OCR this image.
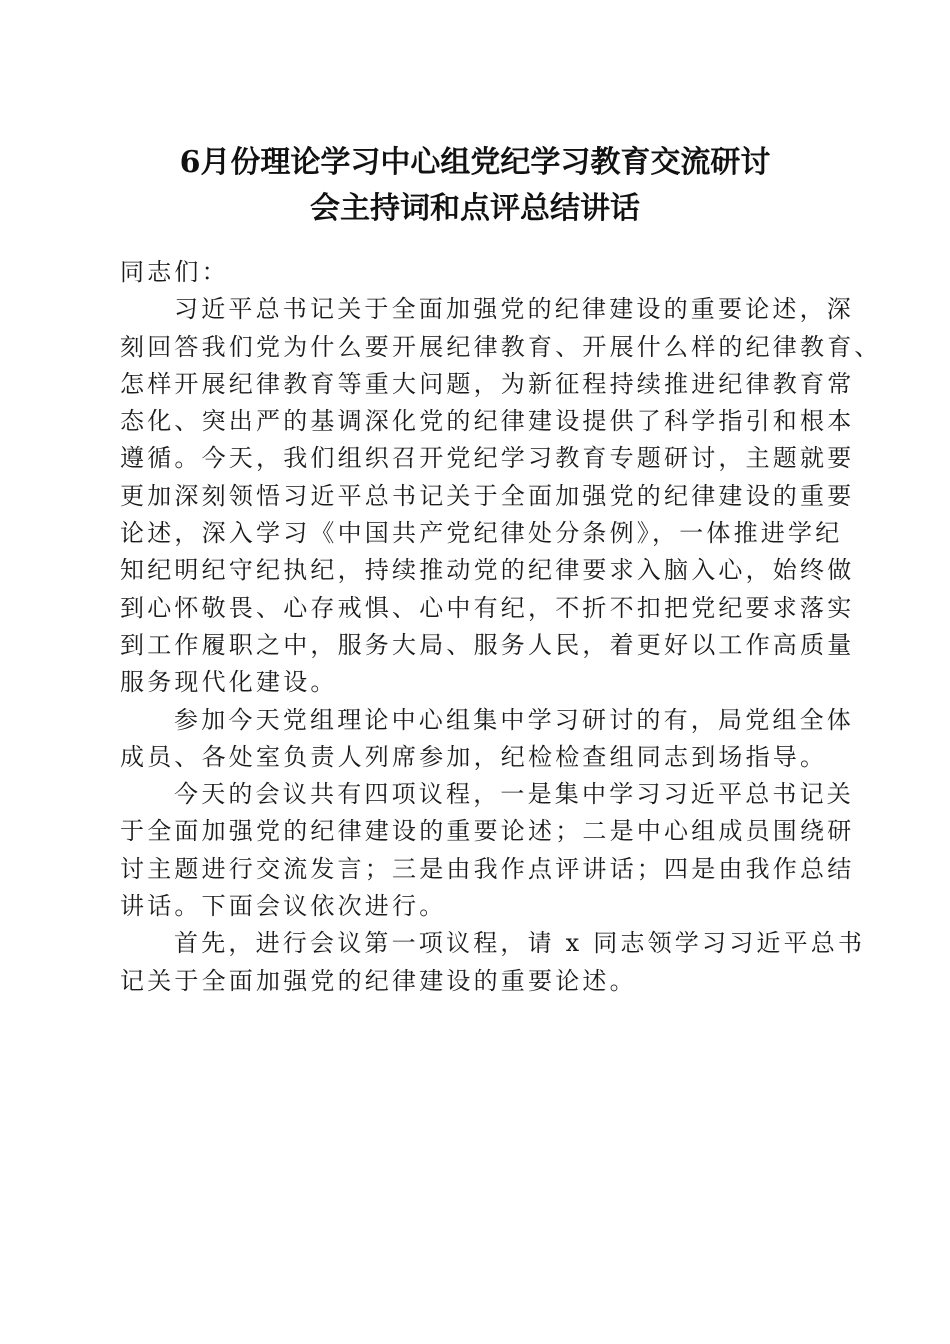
6月份理论学习中心组党纪学习教育交流研讨
会主持词和点评总结讲话
同志们：
习近平总书记关于全面加强党的纪律建设的重要论述，深
刻回答我们党为什么要开展纪律教育、开展什么样的纪律教育、
怎样开展纪律教育等重大问题，为新征程持续推进纪律教育常
态化、突出严的基调深化党的纪律建设提供了科学指引和根本
遵循。今天，我们组织召开党纪学习教育专题研讨，主题就要
更加深刻领悟习近平总书记关于全面加强党的纪律建设的重要
论述，深入学习《中国共产党纪律处分条例》，一体推进学纪
知纪明纪守纪执纪，持续推动党的纪律要求入脑入心，始终做
到心怀敬畏、心存戒惧、心中有纪，不折不扣把党纪要求落实
到工作履职之中，服务大局、服务人民，着更好以工作高质量
服务现代化建设。
参加今天党组理论中心组集中学习研讨的有，局党组全体
成员、各处室负责人列席参加，纪检检查组同志到场指导。
今天的会议共有四项议程，一是集中学习习近平总书记关
于全面加强党的纪律建设的重要论述；二是中心组成员围绕研
讨主题进行交流发言；三是由我作点评讲话；四是由我作总结
讲话。下面会议依次进行。
首先，进行会议第一项议程，请 x 同志领学习习近平总书
记关于全面加强党的纪律建设的重要论述。
